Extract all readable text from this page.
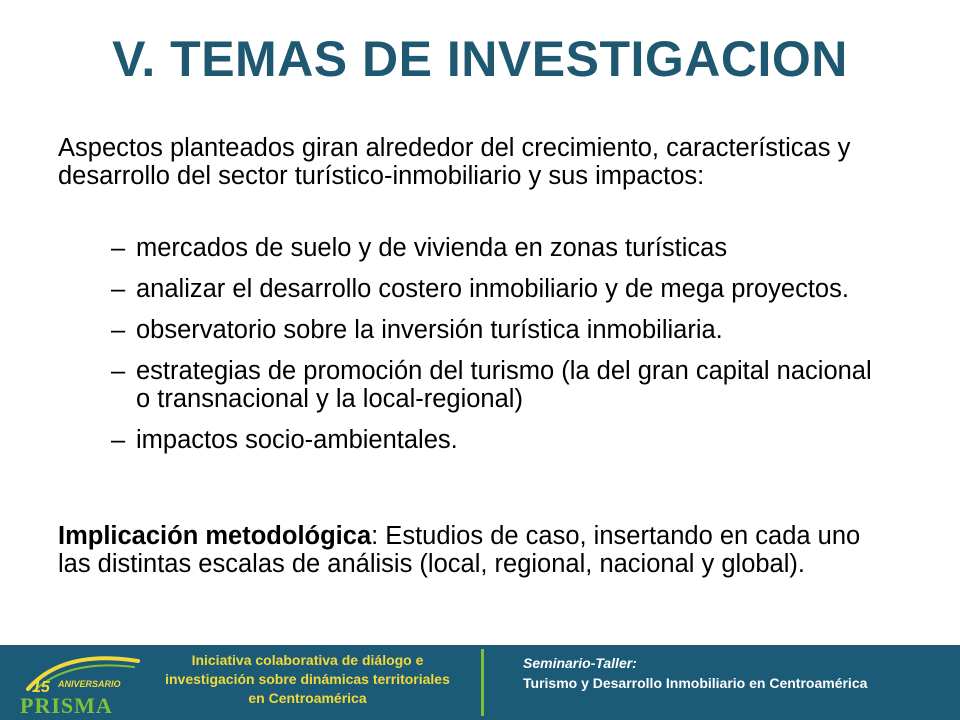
V. TEMAS DE INVESTIGACION

Aspectos planteados giran alrededor del crecimiento, características y desarrollo del sector turístico-inmobiliario y sus impactos:

– mercados de suelo y de vivienda en zonas turísticas
– analizar el desarrollo costero inmobiliario y de mega proyectos.
– observatorio sobre la inversión turística inmobiliaria.
– estrategias de promoción del turismo (la del gran capital nacional o transnacional y la local-regional)
– impactos socio-ambientales.

Implicación metodológica: Estudios de caso, insertando en cada uno las distintas escalas de análisis (local, regional, nacional y global).

15 ANIVERSARIO
PRISMA
Iniciativa colaborativa de diálogo e investigación sobre dinámicas territoriales en Centroamérica
Seminario-Taller:
Turismo y Desarrollo Inmobiliario en Centroamérica
